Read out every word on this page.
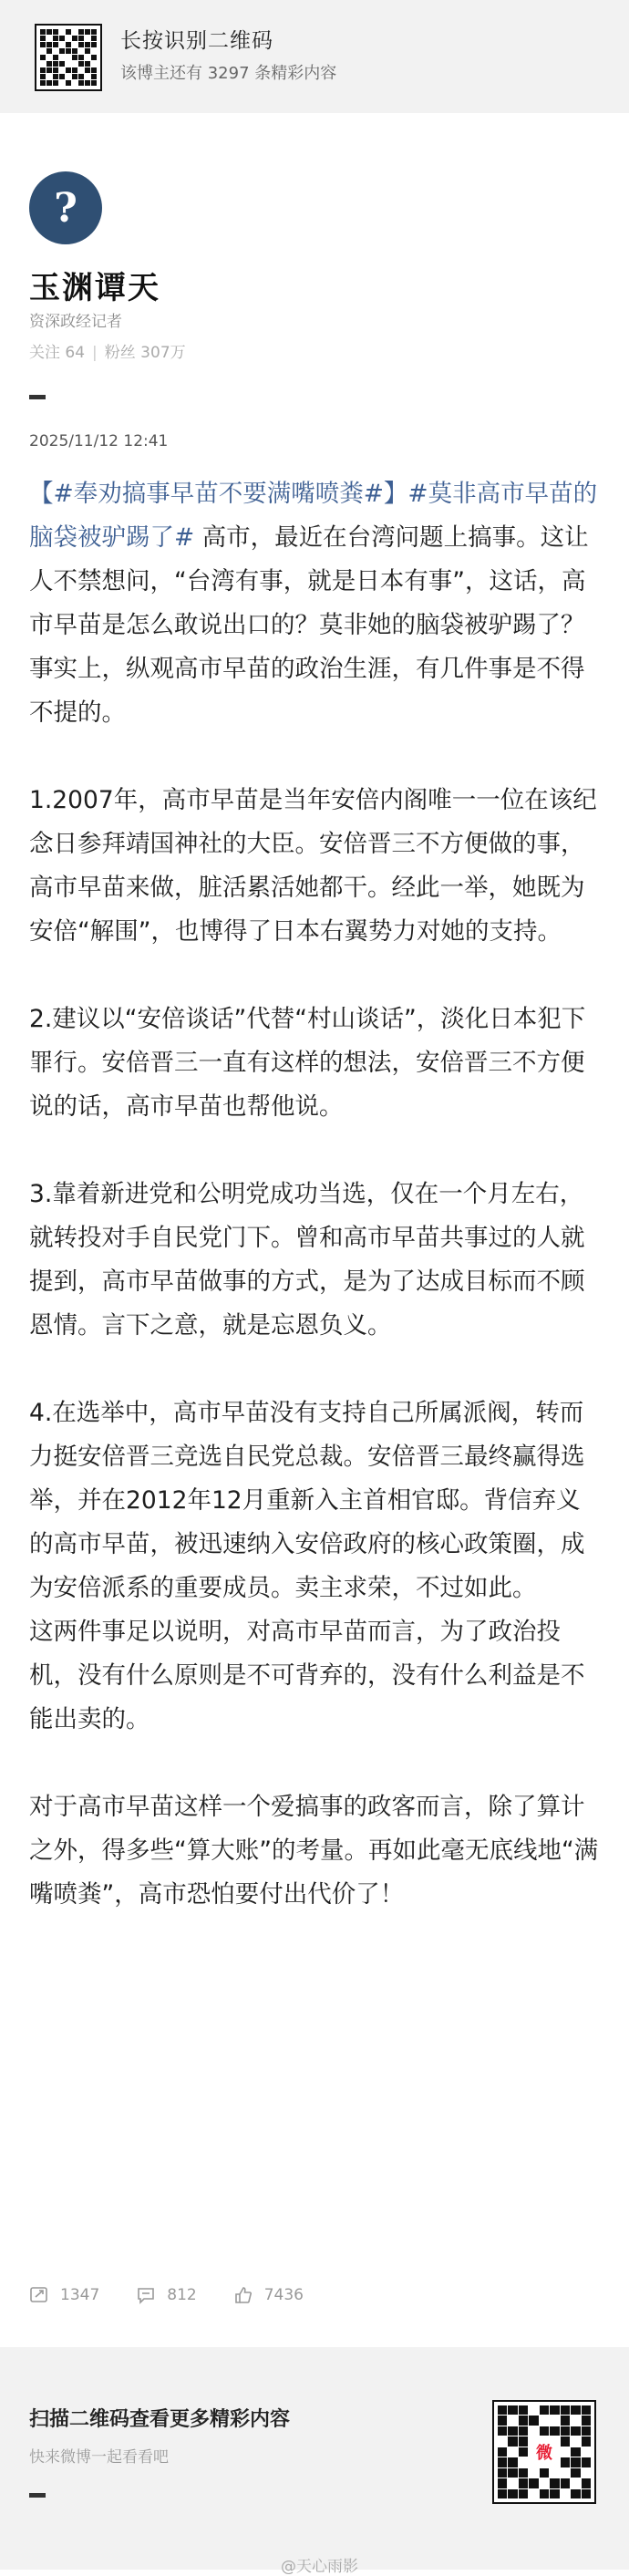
长按识别二维码
该博主还有 3297 条精彩内容
?
玉渊谭天
资深政经记者
关注 64 | 粉丝 307万
2025/11/12 12:41

【#奉劝搞事早苗不要满嘴喷粪#】#莫非高市早苗的脑袋被驴踢了# 高市，最近在台湾问题上搞事。这让人不禁想问，“台湾有事，就是日本有事”，这话，高市早苗是怎么敢说出口的？莫非她的脑袋被驴踢了？事实上，纵观高市早苗的政治生涯，有几件事是不得不提的。

1.2007年，高市早苗是当年安倍内阁唯一一位在该纪念日参拜靖国神社的大臣。安倍晋三不方便做的事，高市早苗来做，脏活累活她都干。经此一举，她既为安倍“解围”，也博得了日本右翼势力对她的支持。

2.建议以“安倍谈话”代替“村山谈话”，淡化日本犯下罪行。安倍晋三一直有这样的想法，安倍晋三不方便说的话，高市早苗也帮他说。

3.靠着新进党和公明党成功当选，仅在一个月左右，就转投对手自民党门下。曾和高市早苗共事过的人就提到，高市早苗做事的方式，是为了达成目标而不顾恩情。言下之意，就是忘恩负义。

4.在选举中，高市早苗没有支持自己所属派阀，转而力挺安倍晋三竞选自民党总裁。安倍晋三最终赢得选举，并在2012年12月重新入主首相官邸。背信弃义的高市早苗，被迅速纳入安倍政府的核心政策圈，成为安倍派系的重要成员。卖主求荣，不过如此。

这两件事足以说明，对高市早苗而言，为了政治投机，没有什么原则是不可背弃的，没有什么利益是不能出卖的。

对于高市早苗这样一个爱搞事的政客而言，除了算计之外，得多些“算大账”的考量。再如此毫无底线地“满嘴喷粪”，高市恐怕要付出代价了！

1347	812	7436
扫描二维码查看更多精彩内容
快来微博一起看看吧	微
@天心雨影
